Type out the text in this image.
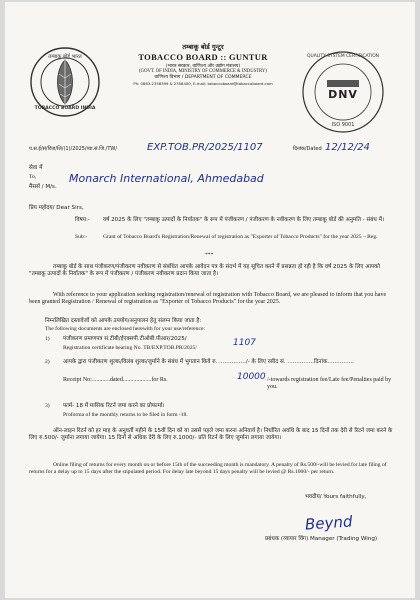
तम्बाकू बोर्ड भारत
TOBACCO BOARD INDIA
तम्बाकू बोर्ड गुन्टूर
TOBACCO BOARD :: GUNTUR
(भारत सरकार, वाणिज्य और उद्योग मंत्रालय)
(GOVT. OF INDIA, MINISTRY OF COMMERCE & INDUSTRY)
वाणिज्य विभाग / DEPARTMENT OF COMMERCE
Ph: 0863-2358399 & 2358400, E-mail: tobaccoboard@tobaccoboard.com
QUALITY SYSTEM CERTIFICATION
DNV
ISO 9001
प.स.ई/सं/विज/लि/(1)/2025/व्या.सं.जि./TW/	EXP.TOB.PR/2025/1107	दिनांक/Dated 12/12/24
सेवा में
To,
मैसर्स / M/s.
Monarch International, Ahmedabad
प्रिय महोदय/ Dear Sirs,
विषय:- वर्ष 2025 के लिए "तम्बाकू उत्पादों के निर्यातक" के रूप में पंजीकरण / पंजीकरण के नवीकरण के लिए तम्बाकू बोर्ड की अनुमति - संबंध में।
Sub:-	Grant of Tobacco Board's Registration/Renewal of registration as "Exporter of Tobacco Products" for the year 2025 – Reg.
***
तम्बाकू बोर्ड के साथ पंजीकरण/पंजीकरण नवीकरण से संबंधित आपके आवेदन पत्र के संदर्भ में यह सूचित करने में प्रसन्नता हो रही है कि वर्ष 2025 के लिए आपको "तम्बाकू उत्पादों के निर्यातक" के रूप में पंजीकरण / पंजीकरण नवीकरण प्रदान किया जाता है।
With reference to your application seeking registration/renewal of registration with Tobacco Board, we are pleased to inform that you have been granted Registration / Renewal of registration as "Exporter of Tobacco Products" for the year 2025.
निम्नलिखित दस्तावेजों को आपके उपयोग/अनुपालन हेतु संलग्न किया जाता है:
The following documents are enclosed herewith for your use/reference:
1) पंजीकरण प्रमाणपत्र सं.टीबी/ईएक्सपी.टीओबी.पीआर/2025/
Registration certificate bearing No. TB/EXP.TOB.PR/2025/	1107
2) आपके द्वारा पंजीकरण शुल्क/विलंब शुल्क/जुर्माने के संबंध में भुगतान किये रु. .............../- के लिए रसीद सं. ...............दिनांक...............
Receipt No:............dated...................for Rs.	10000 /-towards registration fee/Late fee/Penalties paid by you.
3) फार्म- 18 में मासिक रिटर्न जमा करने का प्रोफार्मा।
Proforma of the monthly returns to be filed in form -18.
ऑन-लाइन रिटर्न को हर माह के अनुवर्ती महीने के 15वीं दिन को या उससे पहले जमा करना अनिवार्य है। निर्धारित अवधि के बाद 15 दिनों तक देरी से रिटर्न जमा करने के लिए रु.500/- जुर्माना लगाया जायेगा। 15 दिनों से अधिक देरी के लिए रु.1000/- प्रति रिटर्न के लिए जुर्माना लगाया जायेगा।
Online filing of returns for every month on or before 15th of the succeeding month is mandatory. A penalty of Rs.500/-will be levied for late filing of returns for a delay up to 15 days after the stipulated period. For delay late beyond 15 days penalty will be levied @ Rs.1000/- per return.
भवदीय/ Yours faithfully,
Beynd
प्रबंधक (व्यापार विंग) Manager (Trading Wing)
